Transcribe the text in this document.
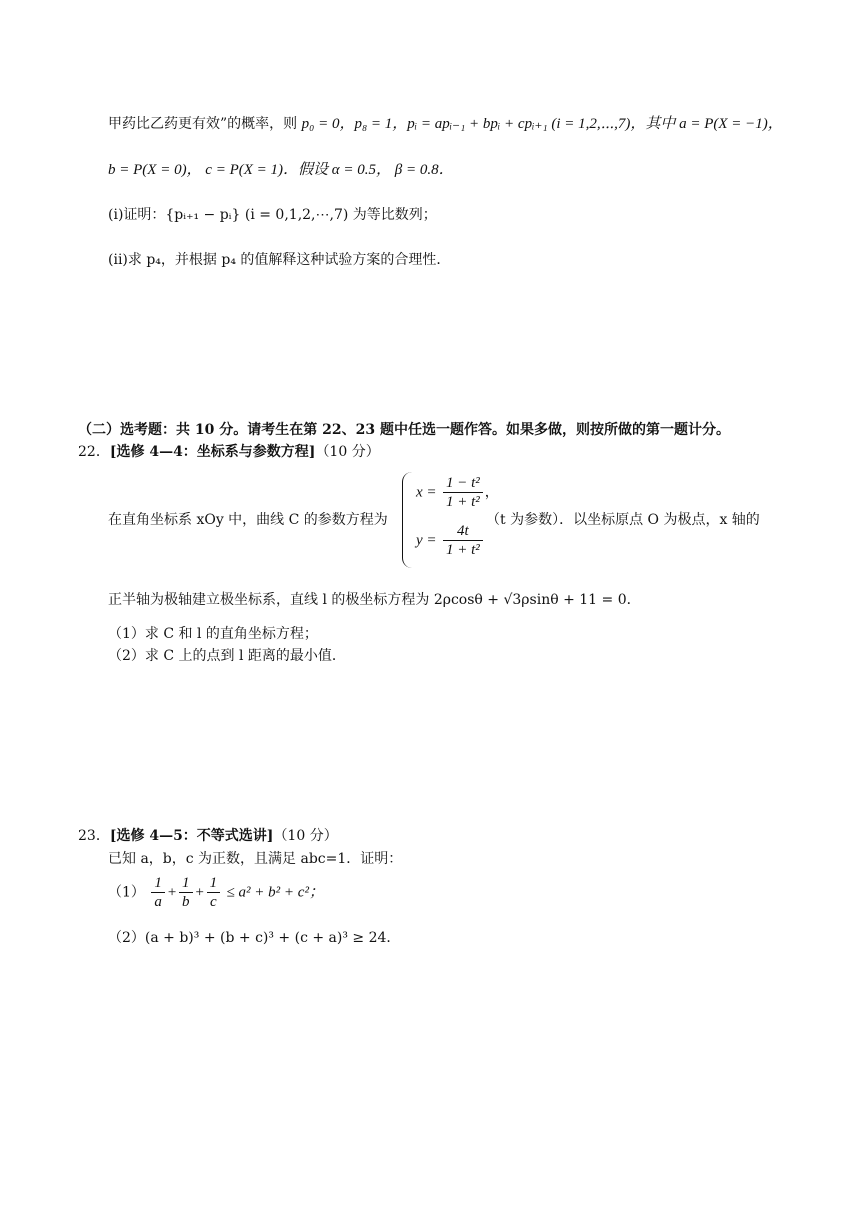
甲药比乙药更有效”的概率，则 p₀ = 0，p₈ = 1，pᵢ = apᵢ₋₁ + bpᵢ + cpᵢ₊₁ (i = 1,2,⋯,7)，其中 a = P(X = −1)，
b = P(X = 0)， c = P(X = 1)．假设 α = 0.5， β = 0.8．
(i)证明：{pᵢ₊₁ − pᵢ} (i = 0,1,2,⋯,7) 为等比数列；
(ii)求 p₄，并根据 p₄ 的值解释这种试验方案的合理性．
（二）选考题：共 10 分。请考生在第 22、23 题中任选一题作答。如果多做，则按所做的第一题计分。
22．[选修 4—4：坐标系与参数方程]（10 分）
在直角坐标系 xOy 中，曲线 C 的参数方程为
$x = \frac{\text{1 − t²}}{\text{1 + t²}}$ ，
$y = \frac{4t}{\text{1 + t²}}$
（t 为参数）．以坐标原点 O 为极点，x 轴的
正半轴为极轴建立极坐标系，直线 l 的极坐标方程为 2ρcosθ + √3ρsinθ + 11 = 0．
（1）求 C 和 l 的直角坐标方程；
（2）求 C 上的点到 l 距离的最小值．
23．[选修 4—5：不等式选讲]（10 分）
已知 a，b，c 为正数，且满足 abc=1．证明：
$(1) \frac{1}{a} + \frac{1}{b} + \frac{1}{c} \le a^2 + b^2 + c^2$；
（2）(a + b)³ + (b + c)³ + (c + a)³ ≥ 24．
